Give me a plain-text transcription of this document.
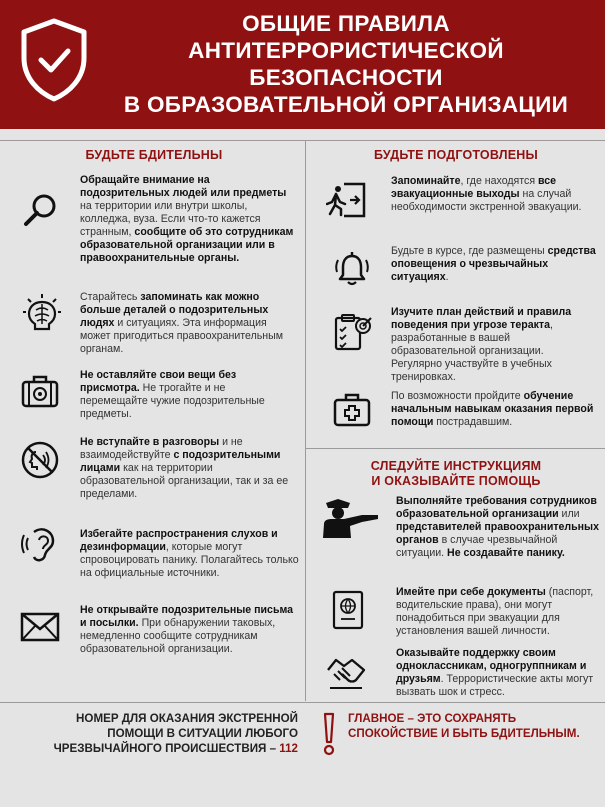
ОБЩИЕ ПРАВИЛА
АНТИТЕРРОРИСТИЧЕСКОЙ
БЕЗОПАСНОСТИ
В ОБРАЗОВАТЕЛЬНОЙ ОРГАНИЗАЦИИ
БУДЬТЕ БДИТЕЛЬНЫ
Обращайте внимание на подозрительных людей или предметы на территории или внутри школы, колледжа, вуза. Если что-то кажется странным, сообщите об это сотрудникам образовательной организации или в правоохранительные органы.
Старайтесь запоминать как можно больше деталей о подозрительных людях и ситуациях. Эта информация может пригодиться правоохранительным органам.
Не оставляйте свои вещи без присмотра. Не трогайте и не перемещайте чужие подозрительные предметы.
Не вступайте в разговоры и не взаимодействуйте с подозрительными лицами как на территории образовательной организации, так и за ее пределами.
Избегайте распространения слухов и дезинформации, которые могут спровоцировать панику. Полагайтесь только на официальные источники.
Не открывайте подозрительные письма и посылки. При обнаружении таковых, немедленно сообщите сотрудникам образовательной организации.
БУДЬТЕ ПОДГОТОВЛЕНЫ
Запоминайте, где находятся все эвакуационные выходы на случай необходимости экстренной эвакуации.
Будьте в курсе, где размещены средства оповещения о чрезвычайных ситуациях.
Изучите план действий и правила поведения при угрозе теракта, разработанные в вашей образовательной организации. Регулярно участвуйте в учебных тренировках.
По возможности пройдите обучение начальным навыкам оказания первой помощи пострадавшим.
СЛЕДУЙТЕ ИНСТРУКЦИЯМ
И ОКАЗЫВАЙТЕ ПОМОЩЬ
Выполняйте требования сотрудников образовательной организации или представителей правоохранительных органов в случае чрезвычайной ситуации. Не создавайте панику.
Имейте при себе документы (паспорт, водительские права), они могут понадобиться при эвакуации для установления вашей личности.
Оказывайте поддержку своим одноклассникам, одногруппникам и друзьям. Террористические акты могут вызвать шок и стресс.
НОМЕР ДЛЯ ОКАЗАНИЯ ЭКСТРЕННОЙ ПОМОЩИ В СИТУАЦИИ ЛЮБОГО ЧРЕЗВЫЧАЙНОГО ПРОИСШЕСТВИЯ – 112
ГЛАВНОЕ – ЭТО СОХРАНЯТЬ СПОКОЙСТВИЕ И БЫТЬ БДИТЕЛЬНЫМ.
